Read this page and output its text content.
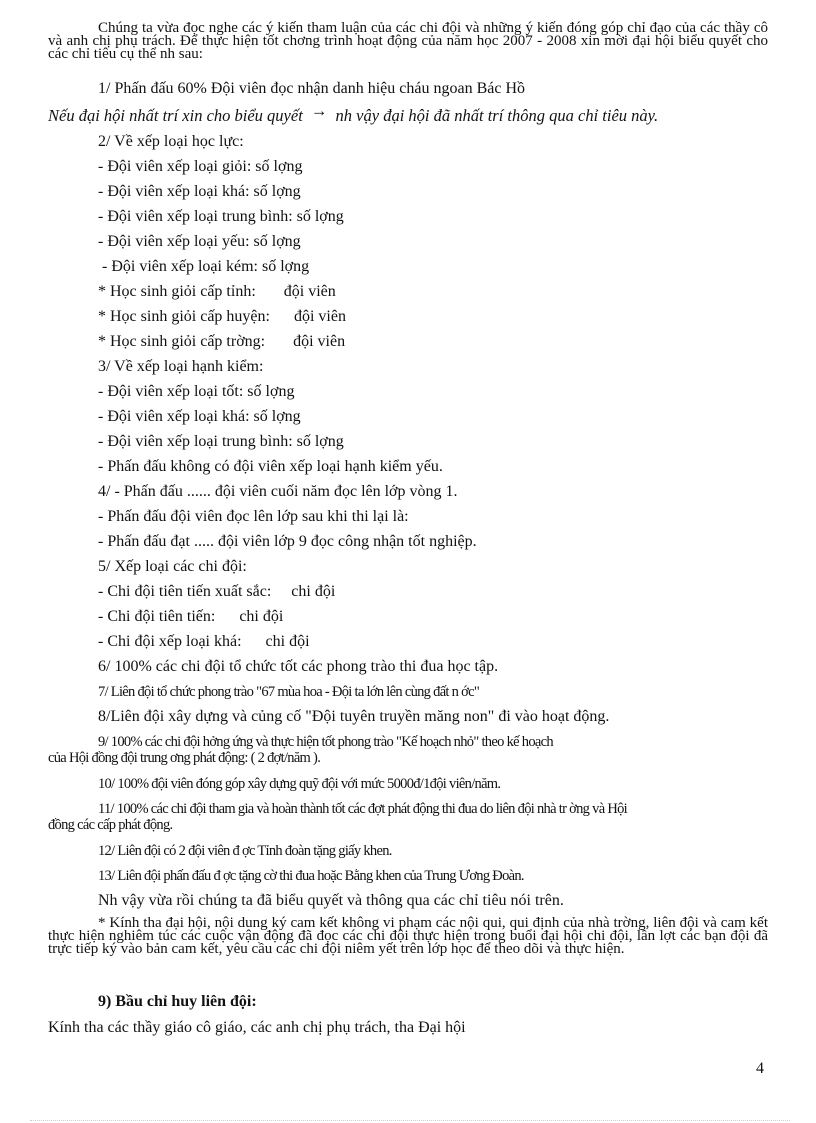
Chúng ta vừa đọc nghe các ý kiến tham luận của các chi đội và những ý kiến đóng góp chỉ đạo của các thầy cô và anh chị phụ trách. Để thực hiện tốt chơng trình hoạt động của năm học 2007 - 2008 xin mời đại hội biểu quyết cho các chỉ tiêu cụ thể nh sau:
1/ Phấn đấu 60% Đội viên đọc nhận danh hiệu cháu ngoan Bác Hồ
Nếu đại hội nhất trí xin cho biểu quyết → nh vậy đại hội đã nhất trí thông qua chỉ tiêu này.
2/ Về xếp loại học lực:
- Đội viên xếp loại giỏi: số lợng
- Đội viên xếp loại khá: số lợng
- Đội viên xếp loại trung bình: số lợng
- Đội viên xếp loại yếu: số lợng
- Đội viên xếp loại kém: số lợng
* Học sinh giỏi cấp tỉnh:       đội viên
* Học sinh giỏi cấp huyện:      đội viên
* Học sinh giỏi cấp trờng:       đội viên
3/ Về xếp loại hạnh kiểm:
- Đội viên xếp loại tốt: số lợng
- Đội viên xếp loại khá: số lợng
- Đội viên xếp loại trung bình: số lợng
- Phấn đấu không có đội viên xếp loại hạnh kiểm yếu.
4/ - Phấn đấu ...... đội viên cuối năm đọc lên lớp vòng 1.
- Phấn đấu đội viên đọc lên lớp sau khi thi lại là:
- Phấn đấu đạt ..... đội viên lớp 9 đọc công nhận tốt nghiệp.
5/ Xếp loại các chi đội:
- Chi đội tiên tiến xuất sắc:     chi đội
- Chi đội tiên tiến:      chi đội
- Chi đội xếp loại khá:      chi đội
6/ 100% các chi đội tổ chức tốt các phong trào thi đua học tập.
7/ Liên đội tổ chức phong trào "67 mùa hoa - Đội ta lớn lên cùng đất n ớc"
8/Liên đội xây dựng và củng cố "Đội tuyên truyền măng non" đi vào hoạt động.
9/ 100% các chi đội hởng ứng và thực hiện tốt phong trào "Kế hoạch nhỏ" theo kế hoạch
của Hội đồng đội trung ơng phát động: ( 2 đợt/năm ).
10/ 100% đội viên đóng góp xây dựng quỹ đội với mức 5000đ/1đội viên/năm.
11/ 100% các chi đội tham gia và hoàn thành tốt các đợt phát động thi đua do liên đội nhà tr ờng và Hội
đồng các cấp phát động.
12/ Liên đội có 2 đội viên đ ợc Tỉnh đoàn tặng giấy khen.
13/ Liên đội phấn đấu đ ợc tặng cờ thi đua hoặc Bằng khen của Trung Ương Đoàn.
Nh vậy vừa rồi chúng ta đã biểu quyết và thông qua các chỉ tiêu nói trên.
* Kính tha đại hội, nội dung ký cam kết không vi phạm các nội qui, qui định của nhà trờng, liên đội và cam kết thực hiện nghiêm túc các cuộc vận động đã đọc các chi đội thực hiện trong buổi đại hội chi đội, lần lợt các bạn đội đã trực tiếp ký vào bản cam kết, yêu cầu các chi đội niêm yết trên lớp học để theo dõi và thực hiện.
9) Bầu chỉ huy liên đội:
Kính tha các thầy giáo cô giáo, các anh chị phụ trách, tha Đại hội
4
